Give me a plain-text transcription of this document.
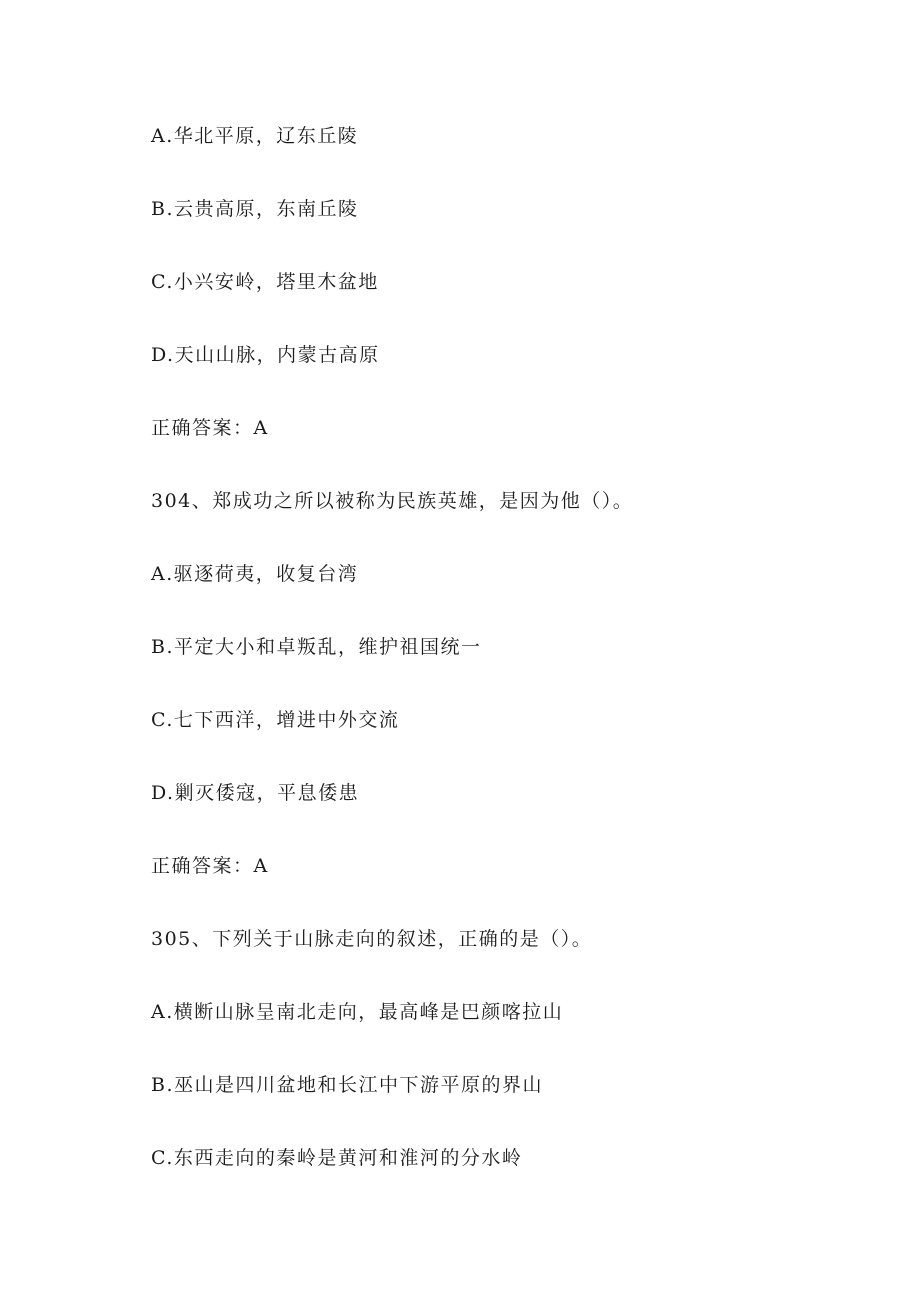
A.华北平原，辽东丘陵

B.云贵高原，东南丘陵

C.小兴安岭，塔里木盆地

D.天山山脉，内蒙古高原

正确答案：A

304、郑成功之所以被称为民族英雄，是因为他（）。

A.驱逐荷夷，收复台湾

B.平定大小和卓叛乱，维护祖国统一

C.七下西洋，增进中外交流

D.剿灭倭寇，平息倭患

正确答案：A

305、下列关于山脉走向的叙述，正确的是（）。

A.横断山脉呈南北走向，最高峰是巴颜喀拉山

B.巫山是四川盆地和长江中下游平原的界山

C.东西走向的秦岭是黄河和淮河的分水岭
